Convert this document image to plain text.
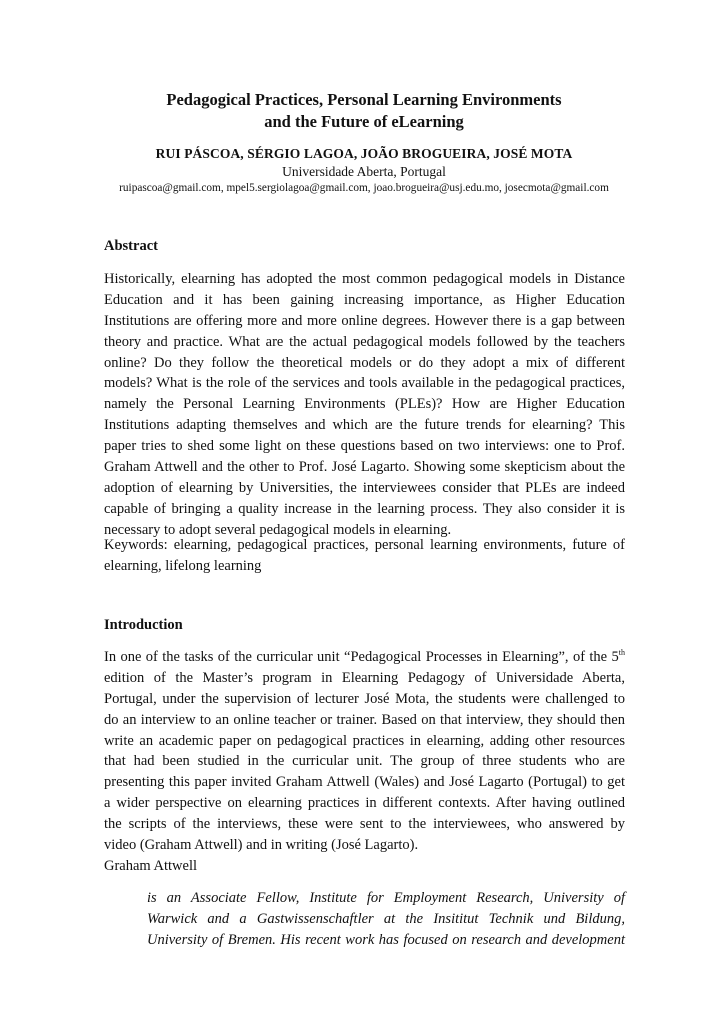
Pedagogical Practices, Personal Learning Environments
and the Future of eLearning
RUI PÁSCOA, SÉRGIO LAGOA, JOÃO BROGUEIRA, JOSÉ MOTA
Universidade Aberta, Portugal
ruipascoa@gmail.com, mpel5.sergiolagoa@gmail.com, joao.brogueira@usj.edu.mo, josecmota@gmail.com
Abstract
Historically, elearning has adopted the most common pedagogical models in Distance
Education and it has been gaining increasing importance, as Higher Education
Institutions are offering more and more online degrees. However there is a gap between
theory and practice. What are the actual pedagogical models followed by the teachers
online? Do they follow the theoretical models or do they adopt a mix of different
models? What is the role of the services and tools available in the pedagogical practices,
namely the Personal Learning Environments (PLEs)? How are Higher Education
Institutions adapting themselves and which are the future trends for elearning? This
paper tries to shed some light on these questions based on two interviews: one to Prof.
Graham Attwell and the other to Prof. José Lagarto. Showing some skepticism about the
adoption of elearning by Universities, the interviewees consider that PLEs are indeed
capable of bringing a quality increase in the learning process. They also consider it is
necessary to adopt several pedagogical models in elearning.
Keywords: elearning, pedagogical practices, personal learning environments, future of
elearning, lifelong learning
Introduction
In one of the tasks of the curricular unit “Pedagogical Processes in Elearning”, of the 5th
edition of the Master’s program in Elearning Pedagogy of Universidade Aberta,
Portugal, under the supervision of lecturer José Mota, the students were challenged to
do an interview to an online teacher or trainer. Based on that interview, they should then
write an academic paper on pedagogical practices in elearning, adding other resources
that had been studied in the curricular unit. The group of three students who are
presenting this paper invited Graham Attwell (Wales) and José Lagarto (Portugal) to get
a wider perspective on elearning practices in different contexts. After having outlined
the scripts of the interviews, these were sent to the interviewees, who answered by
video (Graham Attwell) and in writing (José Lagarto).
Graham Attwell
is an Associate Fellow, Institute for Employment Research, University of
Warwick and a Gastwissenschaftler at the Insititut Technik und Bildung,
University of Bremen. His recent work has focused on research and development
